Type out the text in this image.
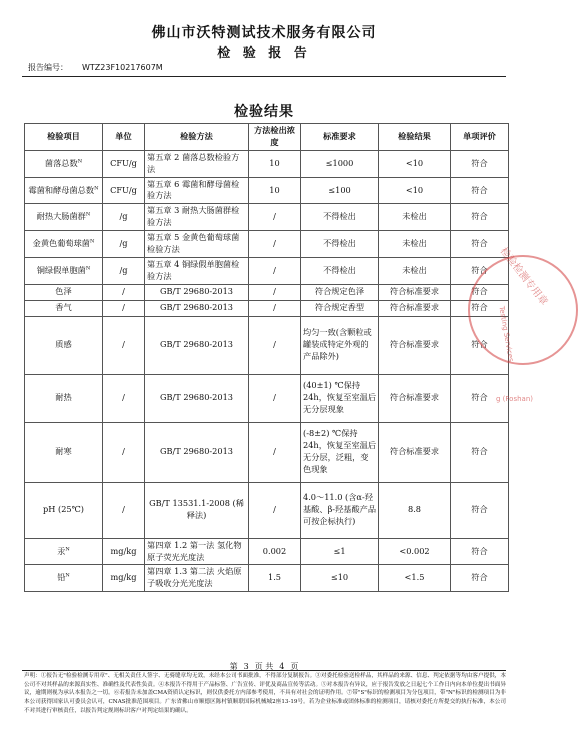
佛山市沃特测试技术服务有限公司
检 验 报 告
报告编号： WTZ23F10217607M
检验结果
检验项目	单位	检验方法	方法检出浓度	标准要求	检验结果	单项评价
菌落总数$^N$	CFU/g	第五章 2 菌落总数检验方法	10	≤1000	<10	符合
霉菌和酵母菌总数$^N$	CFU/g	第五章 6 霉菌和酵母菌检验方法	10	≤100	<10	符合
耐热大肠菌群$^N$	/g	第五章 3 耐热大肠菌群检验方法	/	不得检出	未检出	符合
金黄色葡萄球菌$^N$	/g	第五章 5 金黄色葡萄球菌检验方法	/	不得检出	未检出	符合
铜绿假单胞菌$^N$	/g	第五章 4 铜绿假单胞菌检验方法	/	不得检出	未检出	符合
色泽	/	GB/T 29680-2013	/	符合规定色泽	符合标准要求	符合
香气	/	GB/T 29680-2013	/	符合规定香型	符合标准要求	符合
质感	/	GB/T 29680-2013	/	均匀一致(含颗粒或罐装成特定外观的产品除外)	符合标准要求	符合
耐热	/	GB/T 29680-2013	/	(40±1) ℃保持24h，恢复至室温后无分层现象	符合标准要求	符合
耐寒	/	GB/T 29680-2013	/	(-8±2) ℃保持24h，恢复至室温后无分层，泛粗，变色现象	符合标准要求	符合
pH (25℃)	/	GB/T 13531.1-2008 (稀释法)	/	4.0～11.0 (含α-羟基酸、β-羟基酸产品可按企标执行)	8.8	符合
汞$^N$	mg/kg	第四章 1.2 第一法 氢化物原子荧光光度法	0.002	≤1	<0.002	符合
铅$^N$	mg/kg	第四章 1.3 第二法 火焰原子吸收分光光度法	1.5	≤10	<1.5	符合
检验检测专用章
Testing Services
g (Foshan)
第 3 页 共 4 页
声明：①报告无"检验检测专用章"、无相关责任人签字、无骑缝章均无效，未经本公司书面批准，不得部分复制报告。③对委托检验送检样品，其样品的来源、信息、判定依据等均由客户提供，本公司不对其样品的来源真实性、准确性及代表性负责。④本报告不得用于产品标签、广告宣传、评优及商品宣传等活动。⑤对本报告有异议，应于报告发放之日起七个工作日内向本单位提出书面异议，逾期则视为承认本报告之一切。⑥若报告未加盖CMA资质认定标识，则仅供委托方内部参考使用，不具有对社会的证明作用。⑦带"S"标识的检测项目为分包项目，带"N"标识的检测项目为非本公司获得国家认可委员会认可，CNAS批准范围项目。广东省佛山市顺德区陈村镇顺联国际机械城2座13-19号。若为企业标准或团体标准的检测项目，请核对委托方所提交的执行标准，本公司不对其进行审核责任，以报告判定规则标识客户对判定结果的确认。
